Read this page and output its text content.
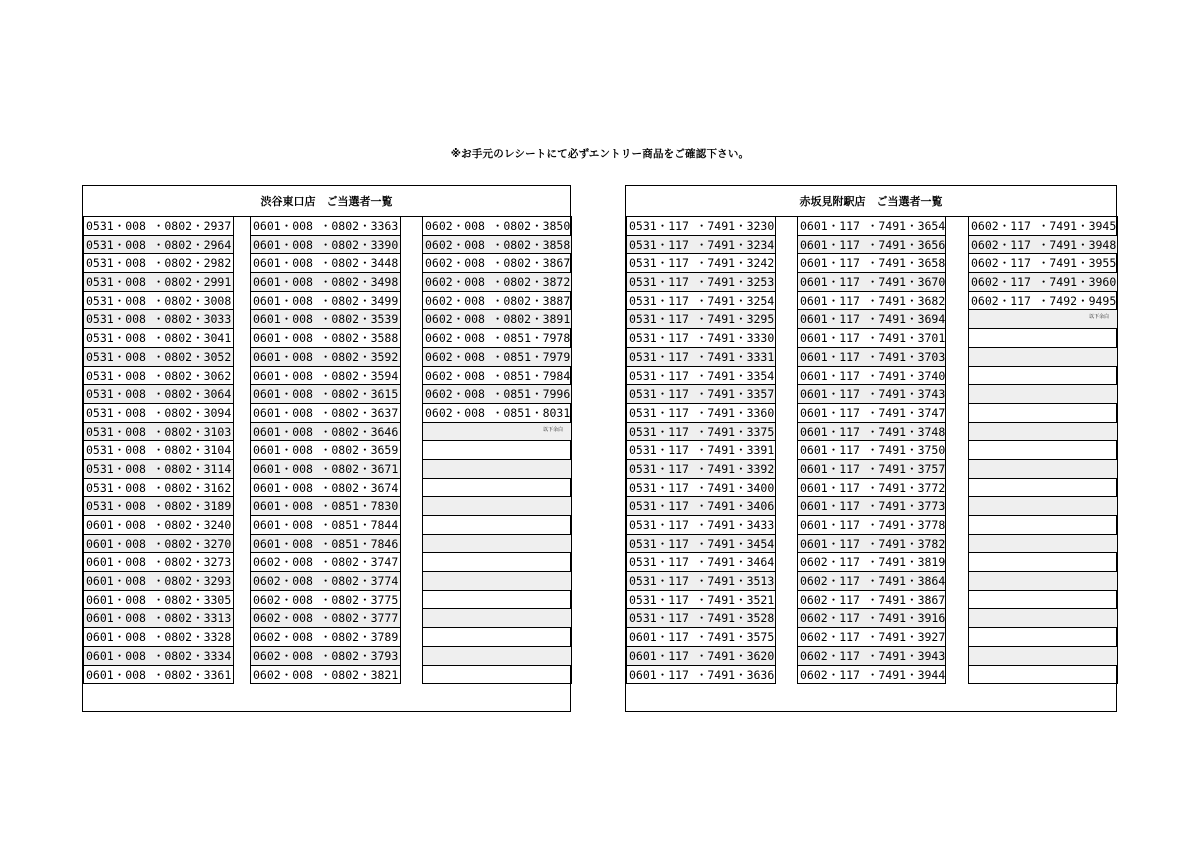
※お手元のレシートにて必ずエントリー商品をご確認下さい。
渋谷東口店　ご当選者一覧
0531・008 ・0802・2937
0531・008 ・0802・2964
0531・008 ・0802・2982
0531・008 ・0802・2991
0531・008 ・0802・3008
0531・008 ・0802・3033
0531・008 ・0802・3041
0531・008 ・0802・3052
0531・008 ・0802・3062
0531・008 ・0802・3064
0531・008 ・0802・3094
0531・008 ・0802・3103
0531・008 ・0802・3104
0531・008 ・0802・3114
0531・008 ・0802・3162
0531・008 ・0802・3189
0601・008 ・0802・3240
0601・008 ・0802・3270
0601・008 ・0802・3273
0601・008 ・0802・3293
0601・008 ・0802・3305
0601・008 ・0802・3313
0601・008 ・0802・3328
0601・008 ・0802・3334
0601・008 ・0802・3361
0601・008 ・0802・3363
0601・008 ・0802・3390
0601・008 ・0802・3448
0601・008 ・0802・3498
0601・008 ・0802・3499
0601・008 ・0802・3539
0601・008 ・0802・3588
0601・008 ・0802・3592
0601・008 ・0802・3594
0601・008 ・0802・3615
0601・008 ・0802・3637
0601・008 ・0802・3646
0601・008 ・0802・3659
0601・008 ・0802・3671
0601・008 ・0802・3674
0601・008 ・0851・7830
0601・008 ・0851・7844
0601・008 ・0851・7846
0602・008 ・0802・3747
0602・008 ・0802・3774
0602・008 ・0802・3775
0602・008 ・0802・3777
0602・008 ・0802・3789
0602・008 ・0802・3793
0602・008 ・0802・3821
0602・008 ・0802・3850
0602・008 ・0802・3858
0602・008 ・0802・3867
0602・008 ・0802・3872
0602・008 ・0802・3887
0602・008 ・0802・3891
0602・008 ・0851・7978
0602・008 ・0851・7979
0602・008 ・0851・7984
0602・008 ・0851・7996
0602・008 ・0851・8031
以下余白
赤坂見附駅店　ご当選者一覧
0531・117 ・7491・3230
0531・117 ・7491・3234
0531・117 ・7491・3242
0531・117 ・7491・3253
0531・117 ・7491・3254
0531・117 ・7491・3295
0531・117 ・7491・3330
0531・117 ・7491・3331
0531・117 ・7491・3354
0531・117 ・7491・3357
0531・117 ・7491・3360
0531・117 ・7491・3375
0531・117 ・7491・3391
0531・117 ・7491・3392
0531・117 ・7491・3400
0531・117 ・7491・3406
0531・117 ・7491・3433
0531・117 ・7491・3454
0531・117 ・7491・3464
0531・117 ・7491・3513
0531・117 ・7491・3521
0531・117 ・7491・3528
0601・117 ・7491・3575
0601・117 ・7491・3620
0601・117 ・7491・3636
0601・117 ・7491・3654
0601・117 ・7491・3656
0601・117 ・7491・3658
0601・117 ・7491・3670
0601・117 ・7491・3682
0601・117 ・7491・3694
0601・117 ・7491・3701
0601・117 ・7491・3703
0601・117 ・7491・3740
0601・117 ・7491・3743
0601・117 ・7491・3747
0601・117 ・7491・3748
0601・117 ・7491・3750
0601・117 ・7491・3757
0601・117 ・7491・3772
0601・117 ・7491・3773
0601・117 ・7491・3778
0601・117 ・7491・3782
0602・117 ・7491・3819
0602・117 ・7491・3864
0602・117 ・7491・3867
0602・117 ・7491・3916
0602・117 ・7491・3927
0602・117 ・7491・3943
0602・117 ・7491・3944
0602・117 ・7491・3945
0602・117 ・7491・3948
0602・117 ・7491・3955
0602・117 ・7491・3960
0602・117 ・7492・9495
以下余白
